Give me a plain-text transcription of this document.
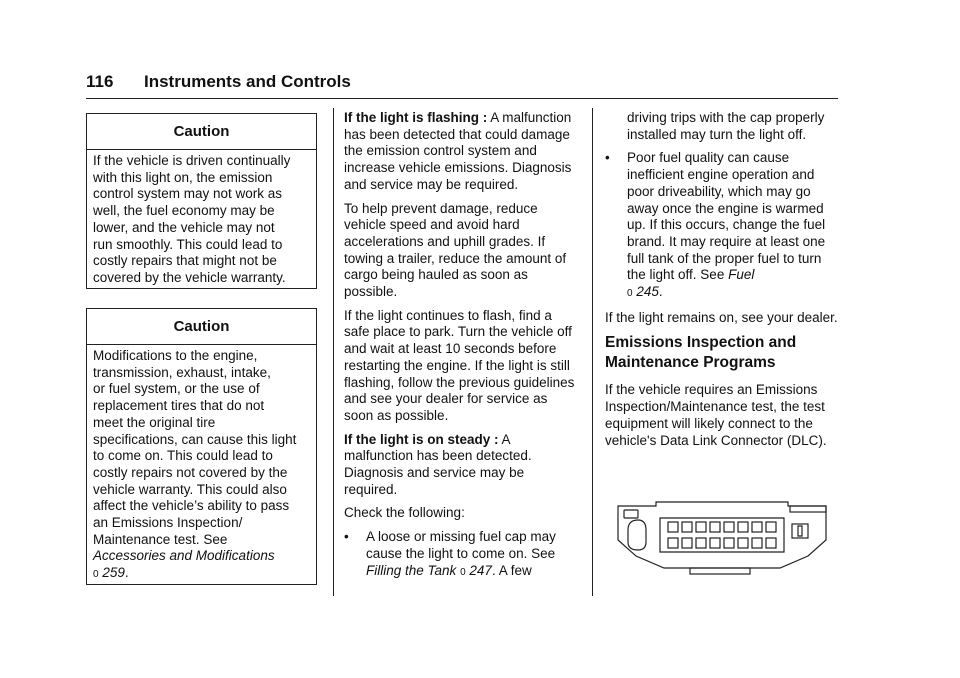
116 Instruments and Controls
Caution
If the vehicle is driven continually
with this light on, the emission
control system may not work as
well, the fuel economy may be
lower, and the vehicle may not
run smoothly. This could lead to
costly repairs that might not be
covered by the vehicle warranty.
Caution
Modifications to the engine,
transmission, exhaust, intake,
or fuel system, or the use of
replacement tires that do not
meet the original tire
specifications, can cause this light
to come on. This could lead to
costly repairs not covered by the
vehicle warranty. This could also
affect the vehicle’s ability to pass
an Emissions Inspection/
Maintenance test. See
Accessories and Modifications
0 259.

If the light is flashing : A malfunction has been detected that could damage the emission control system and increase vehicle emissions. Diagnosis and service may be required.

To help prevent damage, reduce vehicle speed and avoid hard accelerations and uphill grades. If towing a trailer, reduce the amount of cargo being hauled as soon as possible.

If the light continues to flash, find a safe place to park. Turn the vehicle off and wait at least 10 seconds before restarting the engine. If the light is still flashing, follow the previous guidelines and see your dealer for service as soon as possible.

If the light is on steady : A malfunction has been detected. Diagnosis and service may be required.

Check the following:

• A loose or missing fuel cap may cause the light to come on. See Filling the Tank 0 247. A few

driving trips with the cap properly installed may turn the light off.

• Poor fuel quality can cause inefficient engine operation and poor driveability, which may go away once the engine is warmed up. If this occurs, change the fuel brand. It may require at least one full tank of the proper fuel to turn the light off. See Fuel
0 245.

If the light remains on, see your dealer.

Emissions Inspection and Maintenance Programs

If the vehicle requires an Emissions Inspection/Maintenance test, the test equipment will likely connect to the vehicle's Data Link Connector (DLC).
